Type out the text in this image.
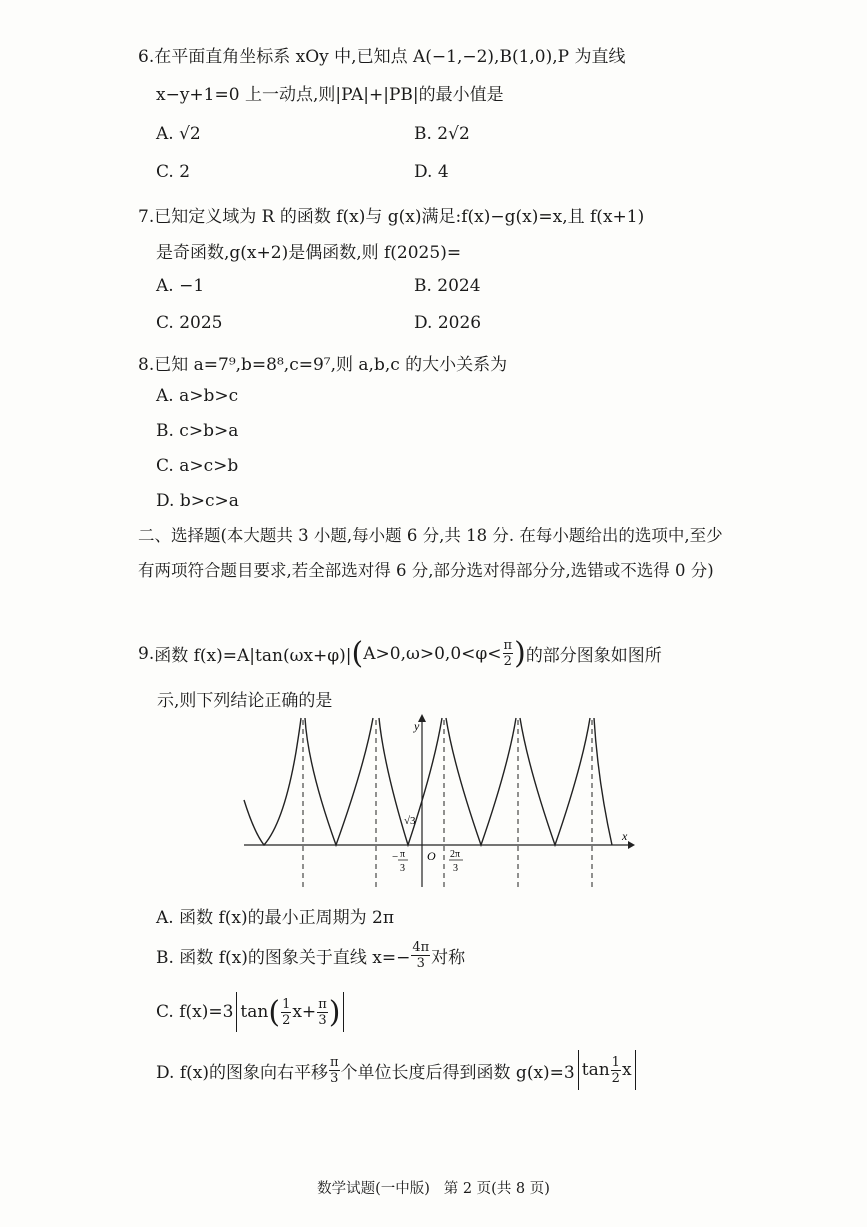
6.在平面直角坐标系 xOy 中,已知点 A(−1,−2),B(1,0),P 为直线
x−y+1=0 上一动点,则|PA|+|PB|的最小值是
A. √2	B. 2√2
C. 2	D. 4
7.已知定义域为 R 的函数 f(x)与 g(x)满足:f(x)−g(x)=x,且 f(x+1)
是奇函数,g(x+2)是偶函数,则 f(2025)=
A. −1	B. 2024
C. 2025	D. 2026
8.已知 a=7⁹,b=8⁸,c=9⁷,则 a,b,c 的大小关系为
A. a>b>c
B. c>b>a
C. a>c>b
D. b>c>a
二、选择题(本大题共 3 小题,每小题 6 分,共 18 分. 在每小题给出的选项中,至少有两项符合题目要求,若全部选对得 6 分,部分选对得部分分,选错或不选得 0 分)
9. 函数 f(x)=A|tan(ωx+φ)| ( $A>0,\omega>0,0<\varphi< \frac{\pi}{2}$ ) 的部分图象如图所
示,则下列结论正确的是
y
x
O
√3
− π
3
2π
3
A. 函数 f(x)的最小正周期为 2π
B. 函数 f(x)的图象关于直线 $x=- \frac{4\pi}{3}$ 对称
C. f(x)=3 tan ( $\frac{1}{2} x+ \frac{\pi}{3}$ )
D. f(x)的图象向右平移 $\frac{\pi}{3}$ 个单位长度后得到函数 g(x)=3 $\tan \frac{1}{2}$ x
数学试题(一中版)   第 2 页(共 8 页)
